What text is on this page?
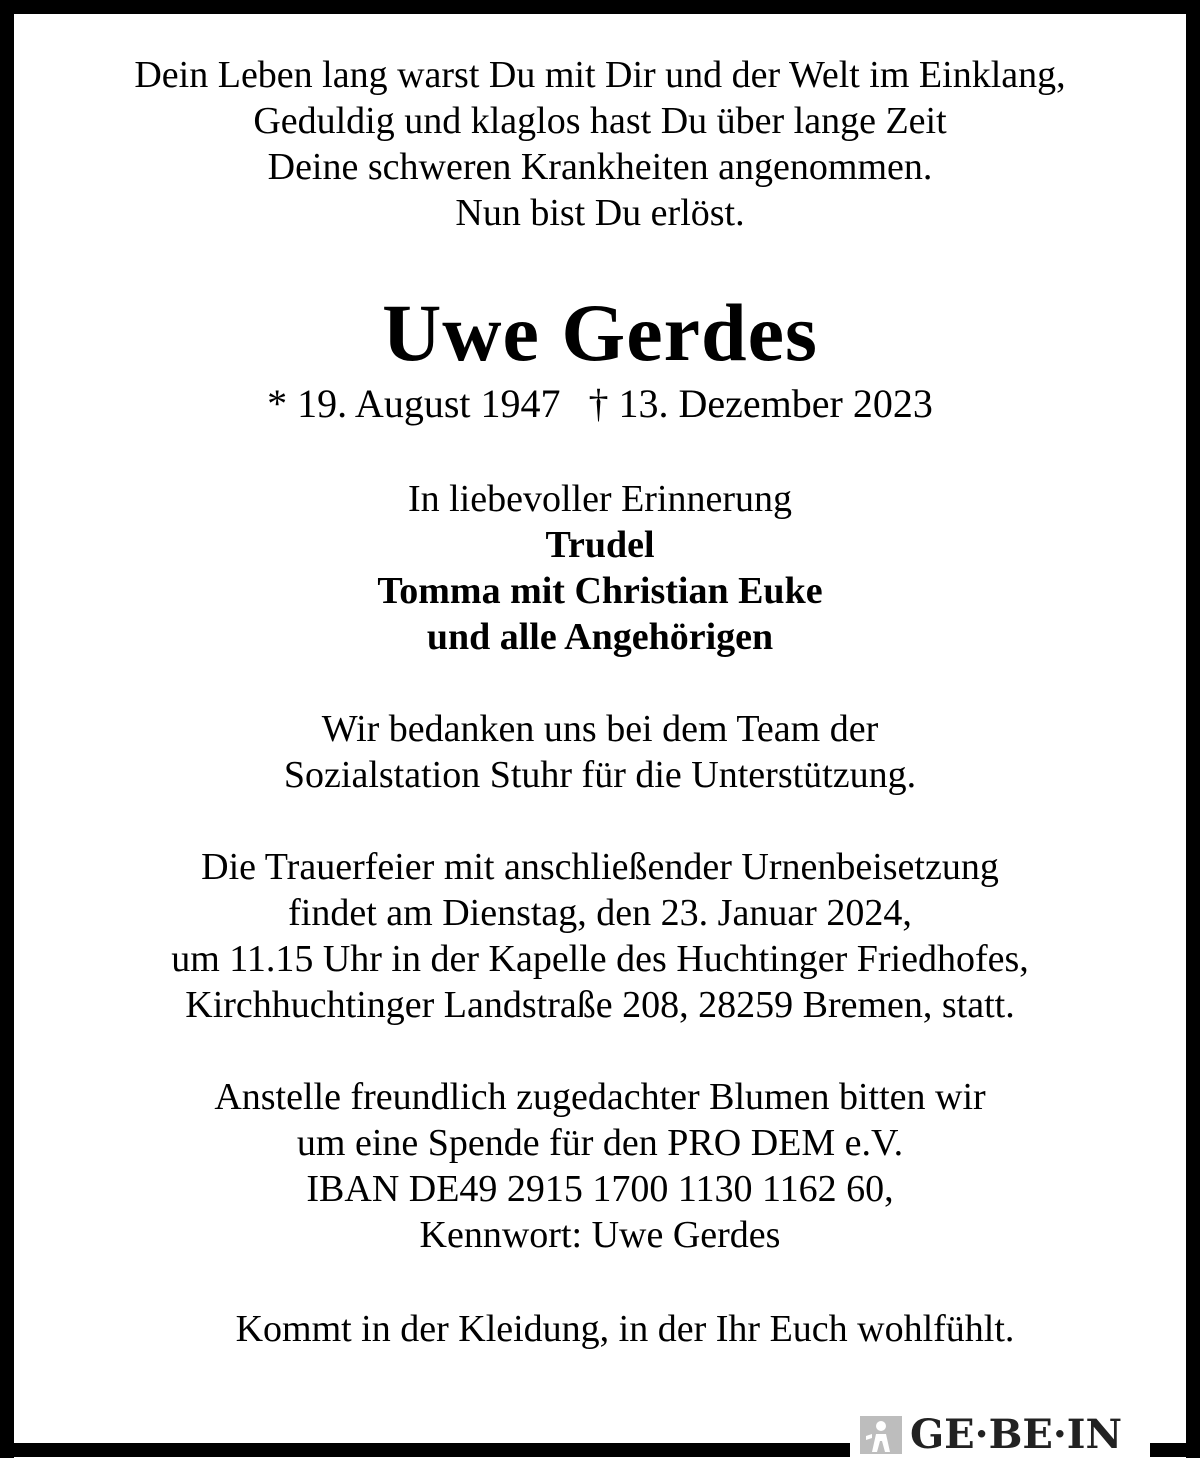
Dein Leben lang warst Du mit Dir und der Welt im Einklang,
Geduldig und klaglos hast Du über lange Zeit
Deine schweren Krankheiten angenommen.
Nun bist Du erlöst.
Uwe Gerdes
* 19. August 1947 † 13. Dezember 2023
In liebevoller Erinnerung
Trudel
Tomma mit Christian Euke
und alle Angehörigen
Wir bedanken uns bei dem Team der
Sozialstation Stuhr für die Unterstützung.
Die Trauerfeier mit anschließender Urnenbeisetzung
findet am Dienstag, den 23. Januar 2024,
um 11.15 Uhr in der Kapelle des Huchtinger Friedhofes,
Kirchhuchtinger Landstraße 208, 28259 Bremen, statt.
Anstelle freundlich zugedachter Blumen bitten wir
um eine Spende für den PRO DEM e.V.
IBAN DE49 2915 1700 1130 1162 60,
Kennwort: Uwe Gerdes
Kommt in der Kleidung, in der Ihr Euch wohlfühlt.
GE·BE·IN
